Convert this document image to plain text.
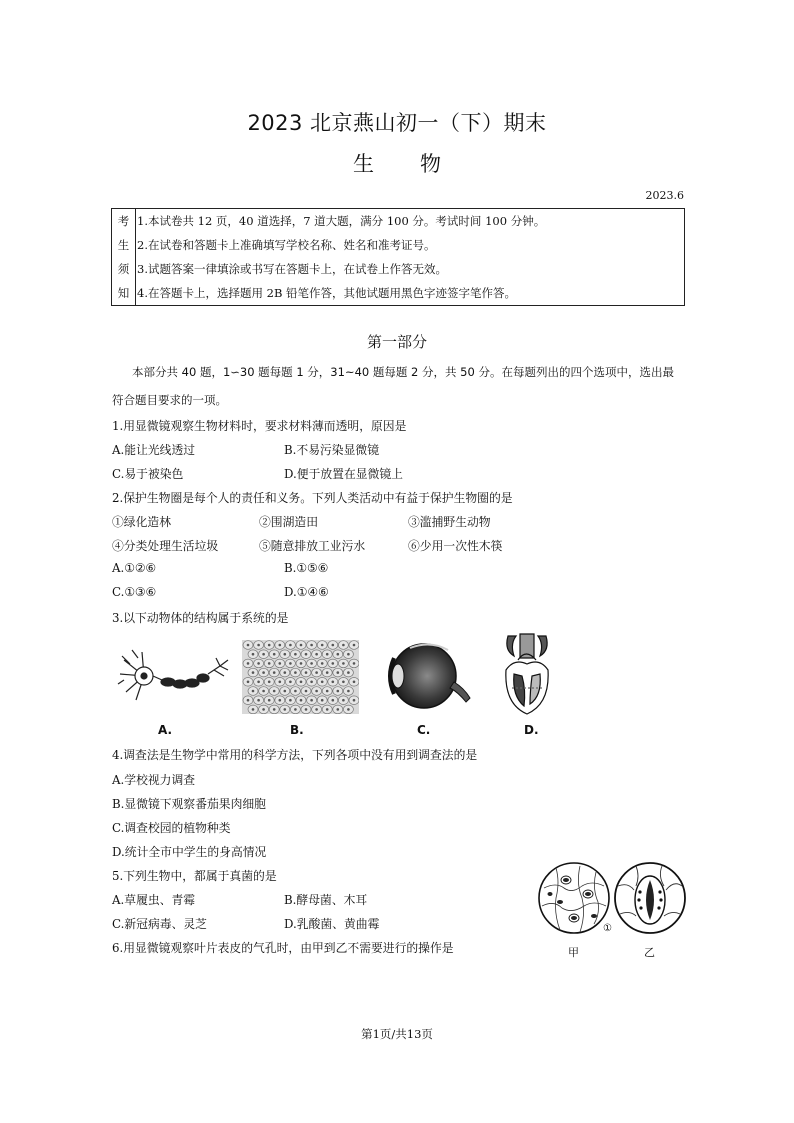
2023 北京燕山初一（下）期末
生 物
2023.6
考	1.本试卷共 12 页，40 道选择，7 道大题，满分 100 分。考试时间 100 分钟。
生	2.在试卷和答题卡上准确填写学校名称、姓名和准考证号。
须	3.试题答案一律填涂或书写在答题卡上，在试卷上作答无效。
知	4.在答题卡上，选择题用 2B 铅笔作答，其他试题用黑色字迹签字笔作答。
第一部分
本部分共 40 题，1∽30 题每题 1 分，31~40 题每题 2 分，共 50 分。在每题列出的四个选项中，选出最
符合题目要求的一项。
1.用显微镜观察生物材料时，要求材料薄而透明，原因是
A.能让光线透过	B.不易污染显微镜
C.易于被染色	D.便于放置在显微镜上
2.保护生物圈是每个人的责任和义务。下列人类活动中有益于保护生物圈的是
①绿化造林	②围湖造田	③滥捕野生动物
④分类处理生活垃圾	⑤随意排放工业污水	⑥少用一次性木筷
A.①②⑥	B.①⑤⑥
C.①③⑥	D.①④⑥
3.以下动物体的结构属于系统的是
A.	B.	C.	D.
4.调查法是生物学中常用的科学方法，下列各项中没有用到调查法的是
A.学校视力调查
B.显微镜下观察番茄果肉细胞
C.调查校园的植物种类
D.统计全市中学生的身高情况
5.下列生物中，都属于真菌的是
A.草履虫、青霉	B.酵母菌、木耳
C.新冠病毒、灵芝	D.乳酸菌、黄曲霉
6.用显微镜观察叶片表皮的气孔时，由甲到乙不需要进行的操作是
①
甲	乙
第1页/共13页
